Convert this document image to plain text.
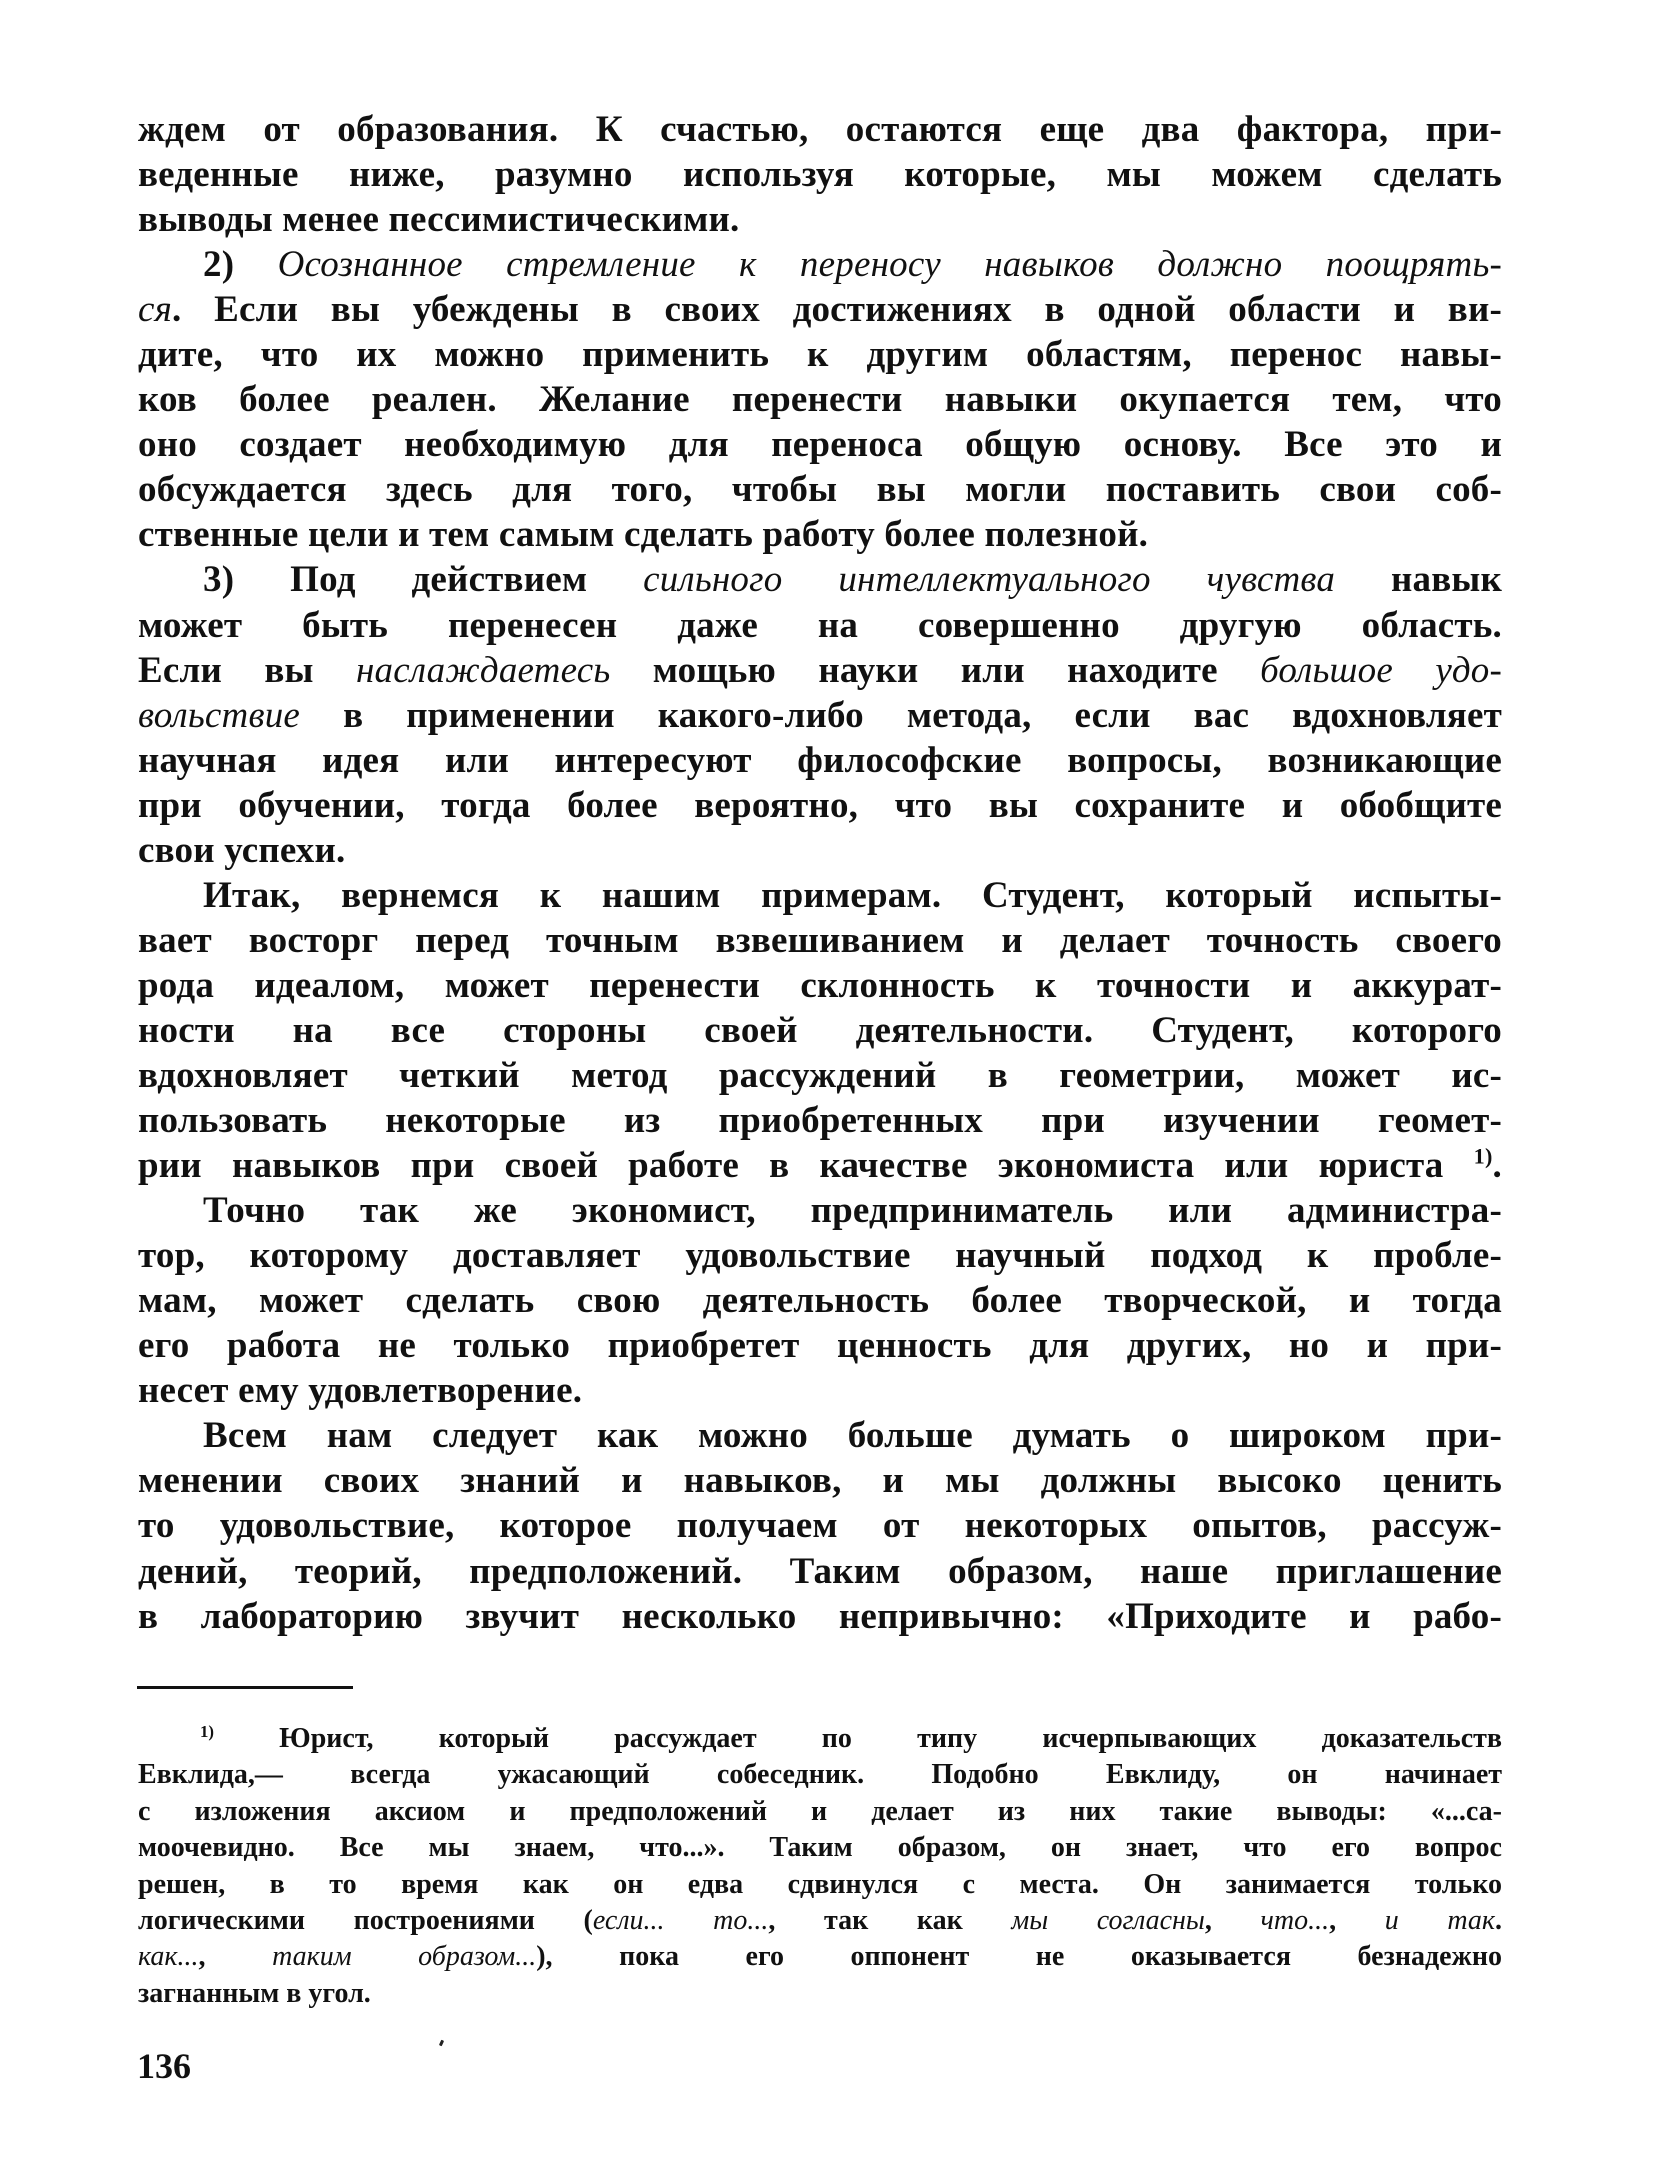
ждем от образования. К счастью, остаются еще два фактора, при-
веденные ниже, разумно используя которые, мы можем сделать
выводы менее пессимистическими.
2) Осознанное стремление к переносу навыков должно поощрять-
ся. Если вы убеждены в своих достижениях в одной области и ви-
дите, что их можно применить к другим областям, перенос навы-
ков более реален. Желание перенести навыки окупается тем, что
оно создает необходимую для переноса общую основу. Все это и
обсуждается здесь для того, чтобы вы могли поставить свои соб-
ственные цели и тем самым сделать работу более полезной.
3) Под действием сильного интеллектуального чувства навык
может быть перенесен даже на совершенно другую область.
Если вы наслаждаетесь мощью науки или находите большое удо-
вольствие в применении какого-либо метода, если вас вдохновляет
научная идея или интересуют философские вопросы, возникающие
при обучении, тогда более вероятно, что вы сохраните и обобщите
свои успехи.
Итак, вернемся к нашим примерам. Студент, который испыты-
вает восторг перед точным взвешиванием и делает точность своего
рода идеалом, может перенести склонность к точности и аккурат-
ности на все стороны своей деятельности. Студент, которого
вдохновляет четкий метод рассуждений в геометрии, может ис-
пользовать некоторые из приобретенных при изучении геомет-
рии навыков при своей работе в качестве экономиста или юриста $^{1)}$.
Точно так же экономист, предприниматель или администра-
тор, которому доставляет удовольствие научный подход к пробле-
мам, может сделать свою деятельность более творческой, и тогда
его работа не только приобретет ценность для других, но и при-
несет ему удовлетворение.
Всем нам следует как можно больше думать о широком при-
менении своих знаний и навыков, и мы должны высоко ценить
то удовольствие, которое получаем от некоторых опытов, рассуж-
дений, теорий, предположений. Таким образом, наше приглашение
в лабораторию звучит несколько непривычно: «Приходите и рабо-
$^{1)}$ Юрист, который рассуждает по типу исчерпывающих доказательств
Евклида,— всегда ужасающий собеседник. Подобно Евклиду, он начинает
с изложения аксиом и предположений и делает из них такие выводы: «...са-
моочевидно. Все мы знаем, что...». Таким образом, он знает, что его вопрос
решен, в то время как он едва сдвинулся с места. Он занимается только
логическими построениями (если... то..., так как мы согласны, что..., и так.
как..., таким образом...), пока его оппонент не оказывается безнадежно
загнанным в угол.
136
